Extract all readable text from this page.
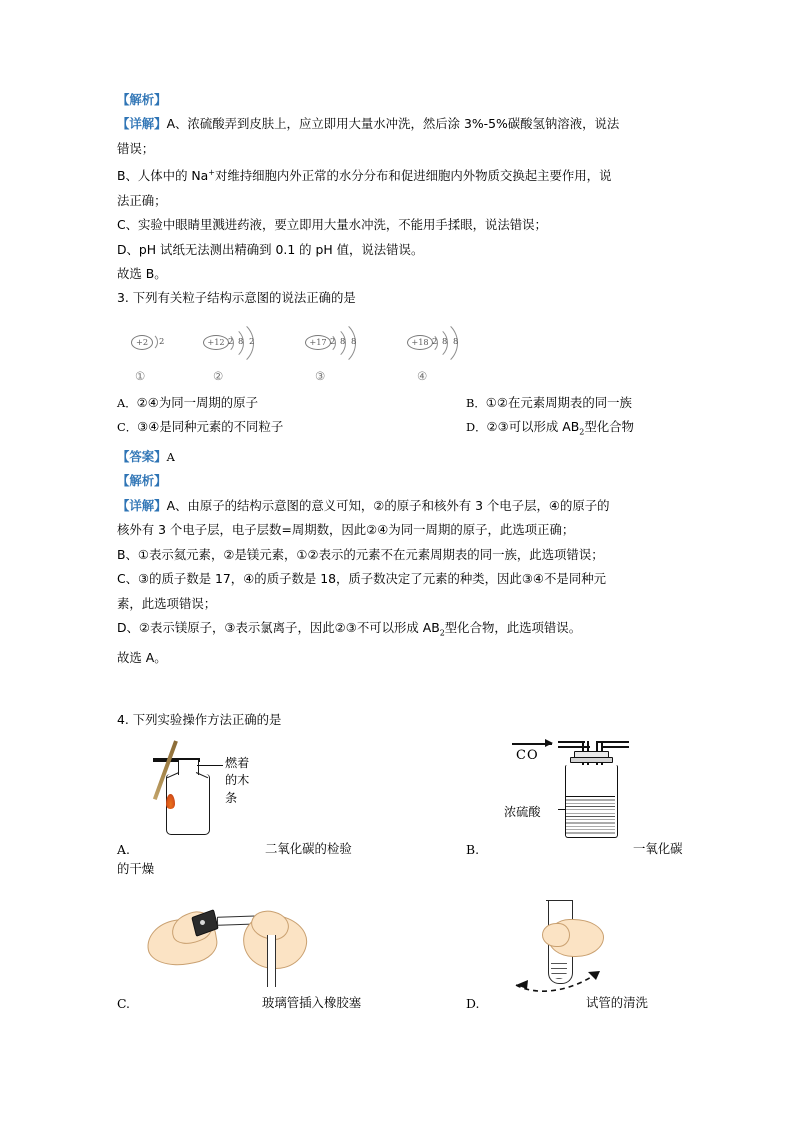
【解析】
【详解】A、浓硫酸弄到皮肤上，应立即用大量水冲洗，然后涂 3%-5%碳酸氢钠溶液，说法
错误；
B、人体中的 Na+对维持细胞内外正常的水分分布和促进细胞内外物质交换起主要作用，说
法正确；
C、实验中眼睛里溅进药液，要立即用大量水冲洗，不能用手揉眼，说法错误；
D、pH 试纸无法测出精确到 0.1 的 pH 值，说法错误。
故选 B。
3. 下列有关粒子结构示意图的说法正确的是
+2	2
①
+12 2 8 2
②
+17 2 8 8
③
+18 2 8 8
④
A．②④为同一周期的原子	B．①②在元素周期表的同一族
C．③④是同种元素的不同粒子	D．②③可以形成 $AB_2$型化合物
【答案】A
【解析】
【详解】A、由原子的结构示意图的意义可知，②的原子和核外有 3 个电子层，④的原子的
核外有 3 个电子层，电子层数=周期数，因此②④为同一周期的原子，此选项正确；
B、①表示氦元素，②是镁元素，①②表示的元素不在元素周期表的同一族，此选项错误；
C、③的质子数是 17，④的质子数是 18，质子数决定了元素的种类，因此③④不是同种元
素，此选项错误；
D、②表示镁原子，③表示氯离子，因此②③不可以形成 $AB_2$型化合物，此选项错误。
故选 A。
4. 下列实验操作方法正确的是
燃着
的木
条
A.	二氧化碳的检验
CO
浓硫酸
B.	一氧化碳
的干燥
C.	玻璃管插入橡胶塞	D.	试管的清洗
